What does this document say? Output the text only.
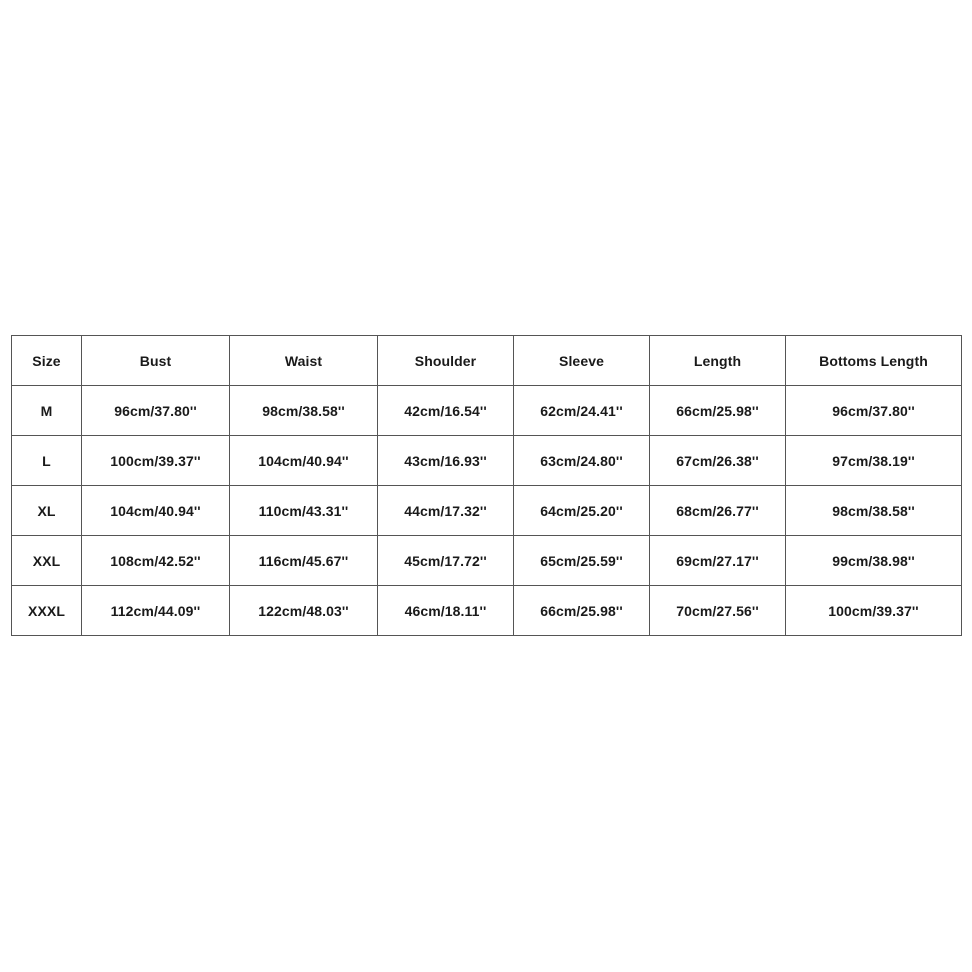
Size	Bust	Waist	Shoulder	Sleeve	Length	Bottoms Length
M	96cm/37.80''	98cm/38.58''	42cm/16.54''	62cm/24.41''	66cm/25.98''	96cm/37.80''
L	100cm/39.37''	104cm/40.94''	43cm/16.93''	63cm/24.80''	67cm/26.38''	97cm/38.19''
XL	104cm/40.94''	110cm/43.31''	44cm/17.32''	64cm/25.20''	68cm/26.77''	98cm/38.58''
XXL	108cm/42.52''	116cm/45.67''	45cm/17.72''	65cm/25.59''	69cm/27.17''	99cm/38.98''
XXXL	112cm/44.09''	122cm/48.03''	46cm/18.11''	66cm/25.98''	70cm/27.56''	100cm/39.37''
